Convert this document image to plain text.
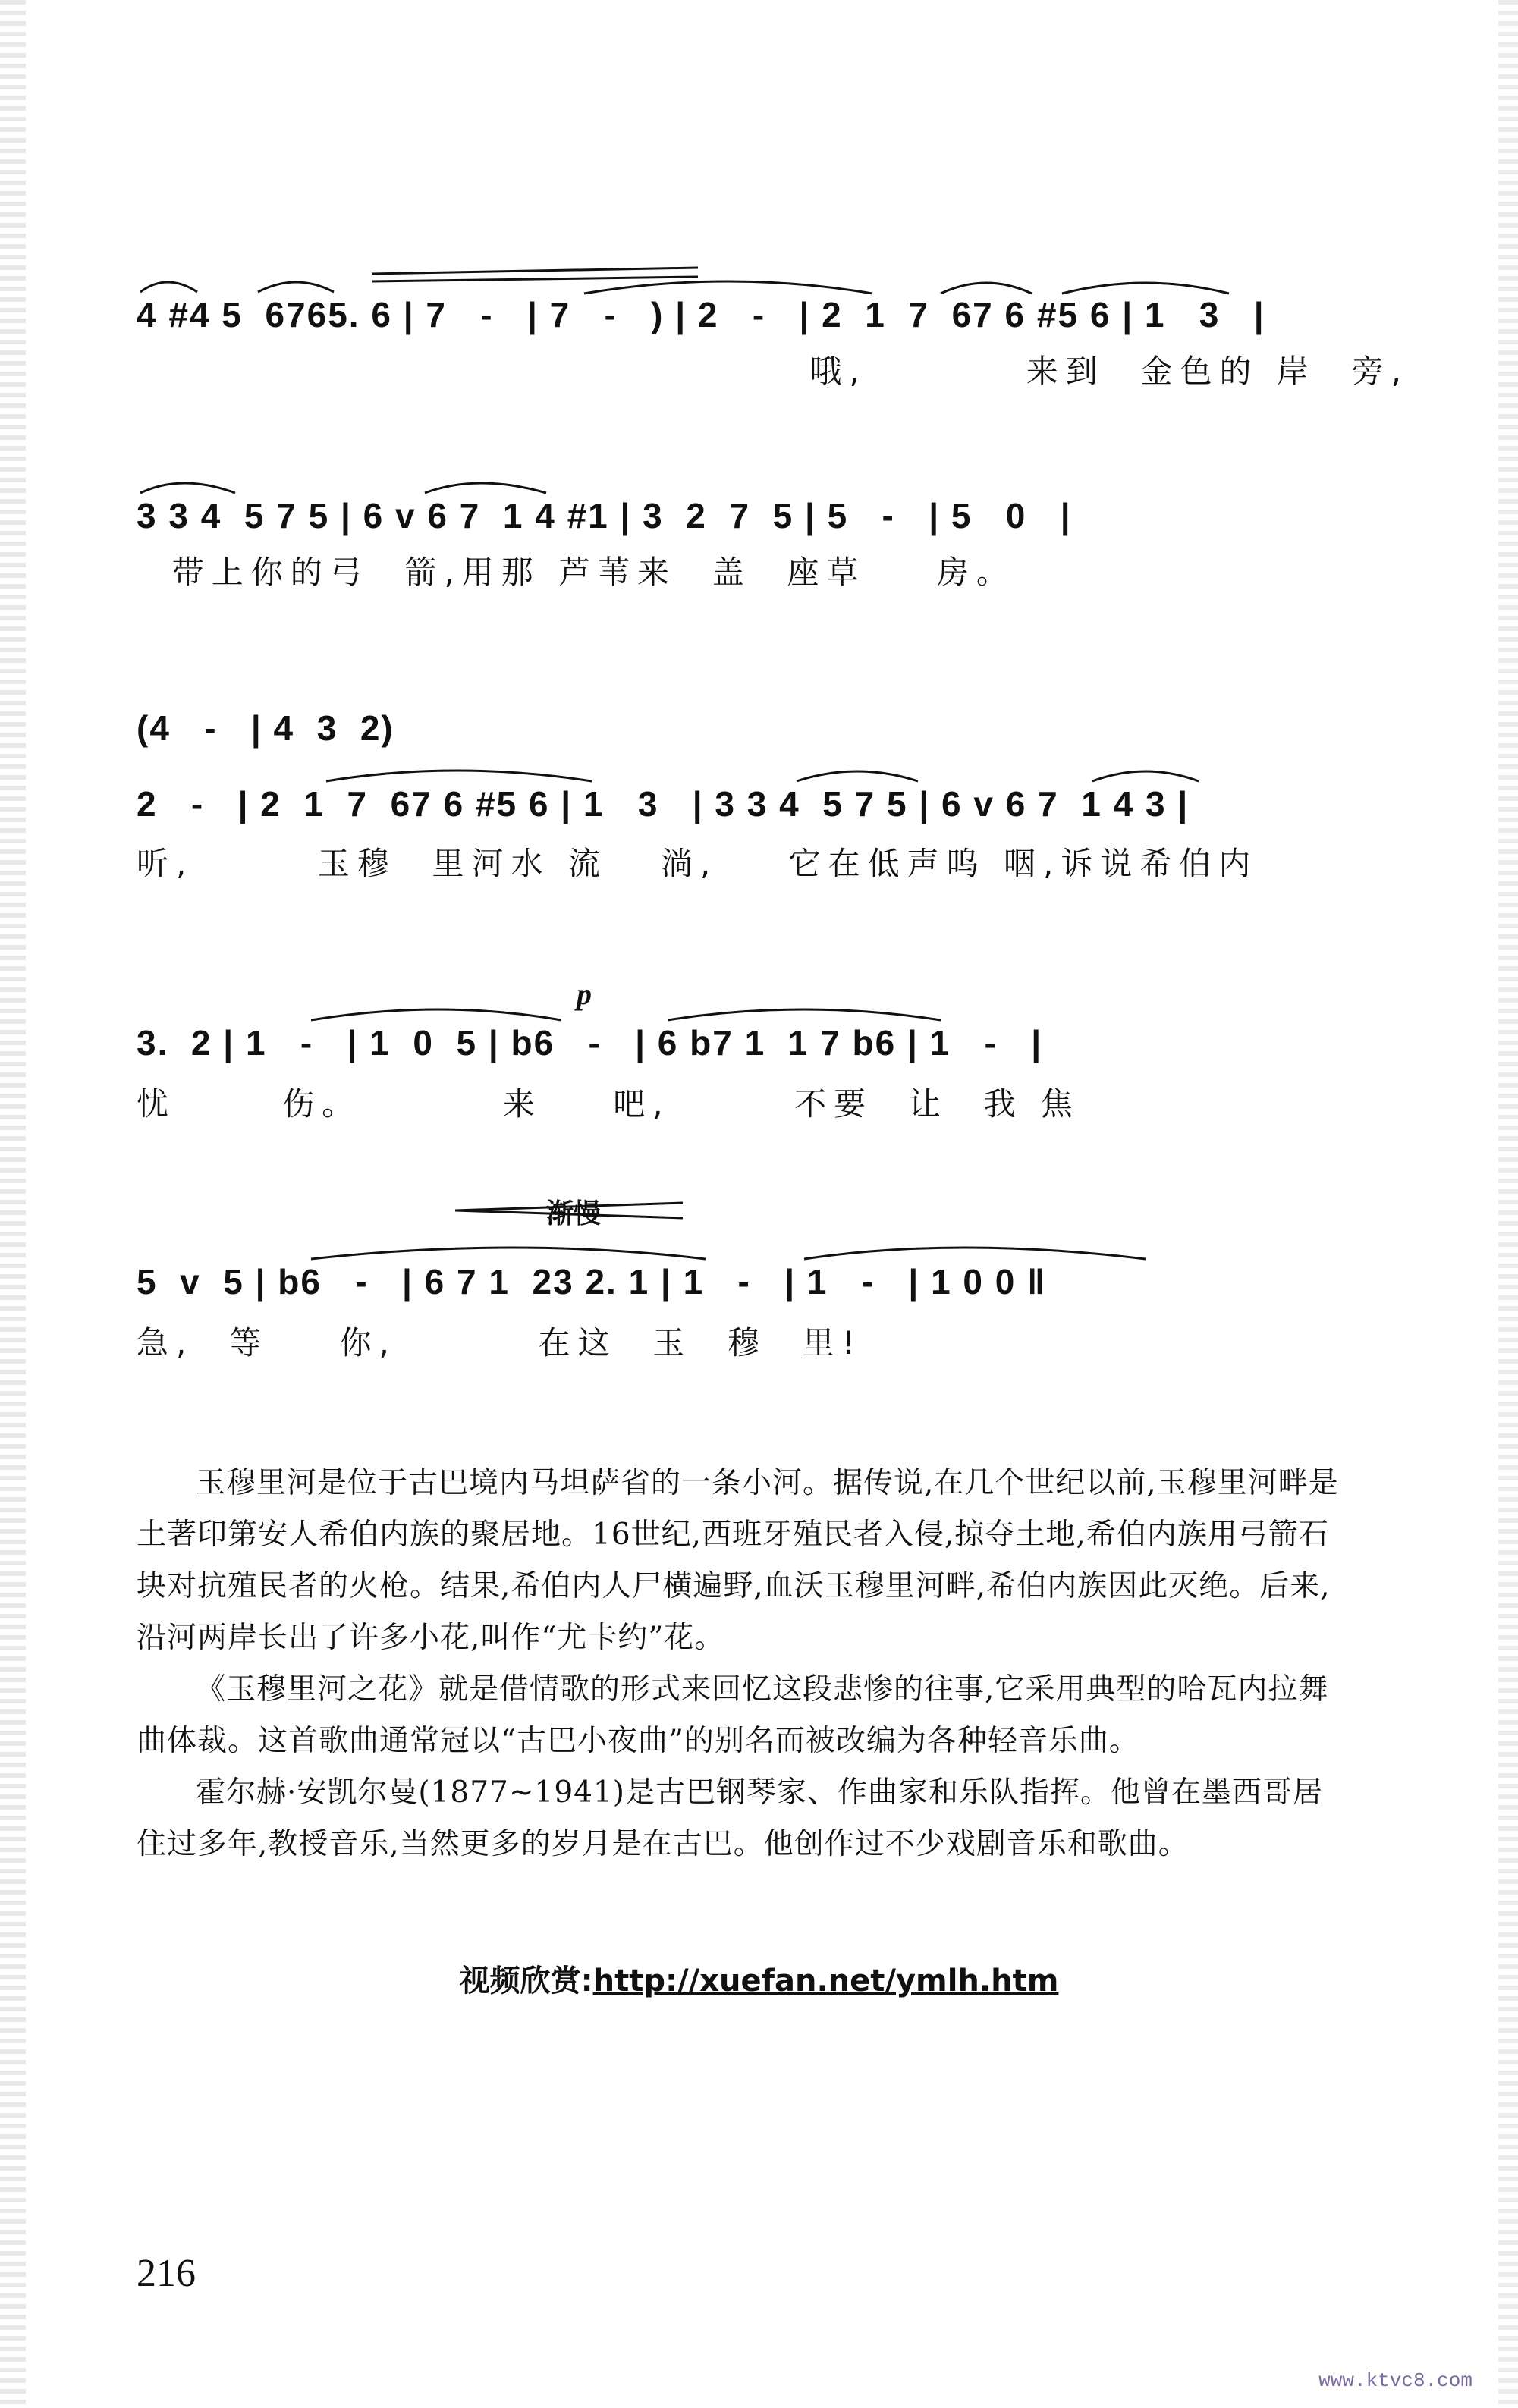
4 #4 5  6765. 6 | 7   -   | 7   -   ) | 2   -   | 2  1  7  67 6 #5 6 | 1   3   |
哦,         来到  金色的 岸  旁,
3 3 4  5 7 5 | 6 v 6 7  1 4 #1 | 3  2  7  5 | 5   -   | 5   0   |
带上你的弓  箭,用那 芦苇来  盖  座草    房。
(4   -   | 4  3  2)
2   -   | 2  1  7  67 6 #5 6 | 1   3   | 3 3 4  5 7 5 | 6 v 6 7  1 4 3 |
听,       玉穆  里河水 流   淌,    它在低声呜 咽,诉说希伯内
p
3.  2 | 1   -   | 1  0  5 | b6   -   | 6 b7 1  1 7 b6 | 1   -   |
忧      伤。        来    吧,       不要  让  我 焦
渐慢
5  v  5 | b6   -   | 6 7 1  23 2. 1 | 1   -   | 1   -   | 1 0 0 ‖
急,  等    你,        在这  玉  穆  里!

玉穆里河是位于古巴境内马坦萨省的一条小河。据传说,在几个世纪以前,玉穆里河畔是土著印第安人希伯内族的聚居地。16世纪,西班牙殖民者入侵,掠夺土地,希伯内族用弓箭石块对抗殖民者的火枪。结果,希伯内人尸横遍野,血沃玉穆里河畔,希伯内族因此灭绝。后来,沿河两岸长出了许多小花,叫作“尤卡约”花。

《玉穆里河之花》就是借情歌的形式来回忆这段悲惨的往事,它采用典型的哈瓦内拉舞曲体裁。这首歌曲通常冠以“古巴小夜曲”的别名而被改编为各种轻音乐曲。

霍尔赫·安凯尔曼(1877~1941)是古巴钢琴家、作曲家和乐队指挥。他曾在墨西哥居住过多年,教授音乐,当然更多的岁月是在古巴。他创作过不少戏剧音乐和歌曲。

视频欣赏:http://xuefan.net/ymlh.htm
216
www.ktvc8.com
